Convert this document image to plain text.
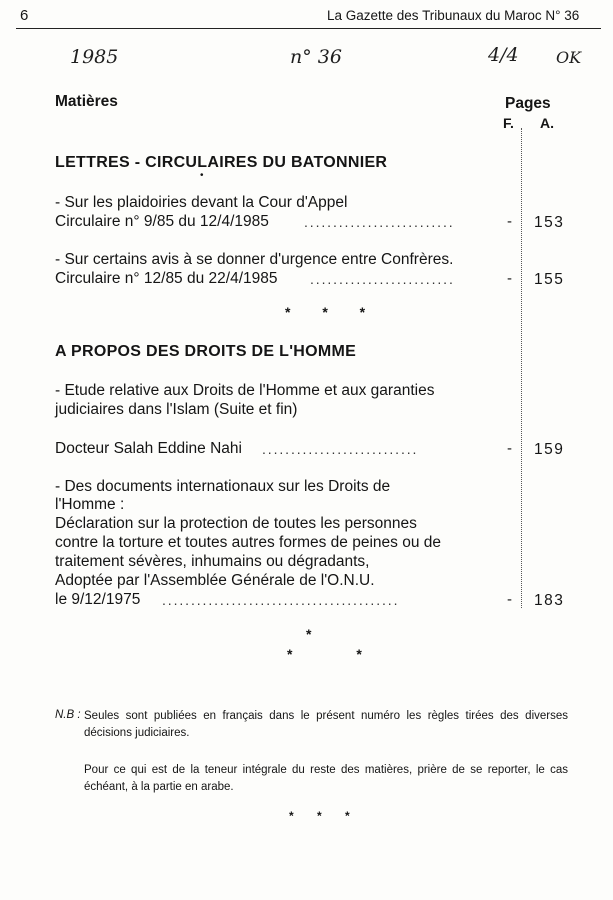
6	La Gazette des Tribunaux du Maroc N° 36
1985	n° 36	4/4 OK
Matières	Pages
F. A.
LETTRES - CIRCULAIRES DU BATONNIER
•
- Sur les plaidoiries devant la Cour d'Appel
Circulaire n° 9/85 du 12/4/1985	..........................	- 153
- Sur certains avis à se donner d'urgence entre Confrères.
Circulaire n° 12/85 du 22/4/1985 .........................	- 155
* * *
A PROPOS DES DROITS DE L'HOMME
- Etude relative aux Droits de l'Homme et aux garanties
judiciaires dans l'Islam (Suite et fin)
Docteur Salah Eddine Nahi ...........................	- 159
- Des documents internationaux sur les Droits de
l'Homme :
Déclaration sur la protection de toutes les personnes
contre la torture et toutes autres formes de peines ou de
traitement sévères, inhumains ou dégradants,
Adoptée par l'Assemblée Générale de l'O.N.U.
le 9/12/1975 .........................................	- 183
*
* *
N.B : Seules sont publiées en français dans le présent numéro les règles tirées des diverses décisions judiciaires.
Pour ce qui est de la teneur intégrale du reste des matières, prière de se reporter, le cas échéant, à la partie en arabe.
* * *
